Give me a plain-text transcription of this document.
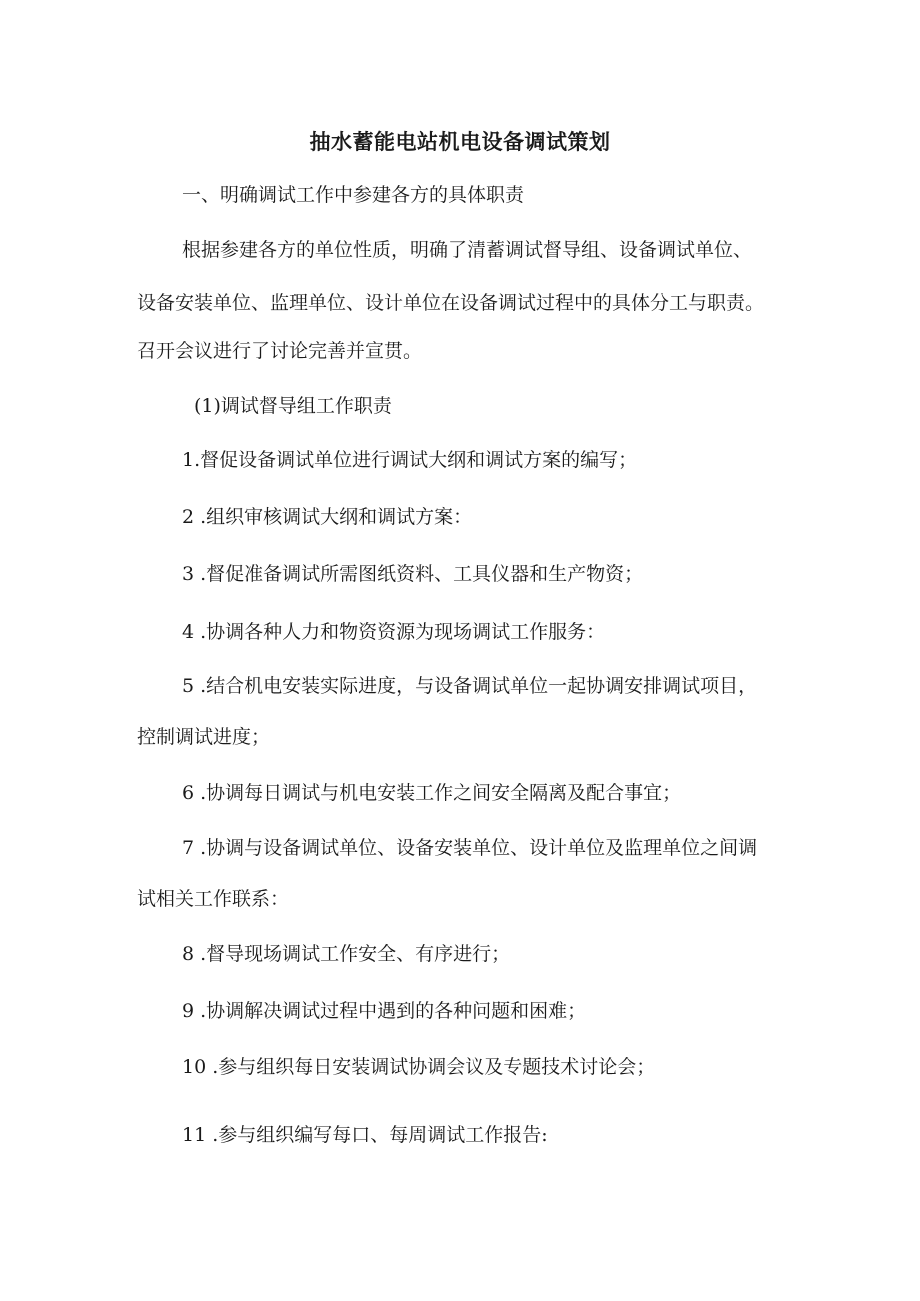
抽水蓄能电站机电设备调试策划
一、明确调试工作中参建各方的具体职责
根据参建各方的单位性质，明确了清蓄调试督导组、设备调试单位、
设备安装单位、监理单位、设计单位在设备调试过程中的具体分工与职责。
召开会议进行了讨论完善并宣贯。
(1)调试督导组工作职责
1.督促设备调试单位进行调试大纲和调试方案的编写；
2 .组织审核调试大纲和调试方案：
3 .督促准备调试所需图纸资料、工具仪器和生产物资；
4 .协调各种人力和物资资源为现场调试工作服务：
5 .结合机电安装实际进度，与设备调试单位一起协调安排调试项目，
控制调试进度；
6 .协调每日调试与机电安装工作之间安全隔离及配合事宜；
7 .协调与设备调试单位、设备安装单位、设计单位及监理单位之间调
试相关工作联系：
8 .督导现场调试工作安全、有序进行；
9 .协调解决调试过程中遇到的各种问题和困难；
10 .参与组织每日安装调试协调会议及专题技术讨论会；
11 .参与组织编写每口、每周调试工作报告:
